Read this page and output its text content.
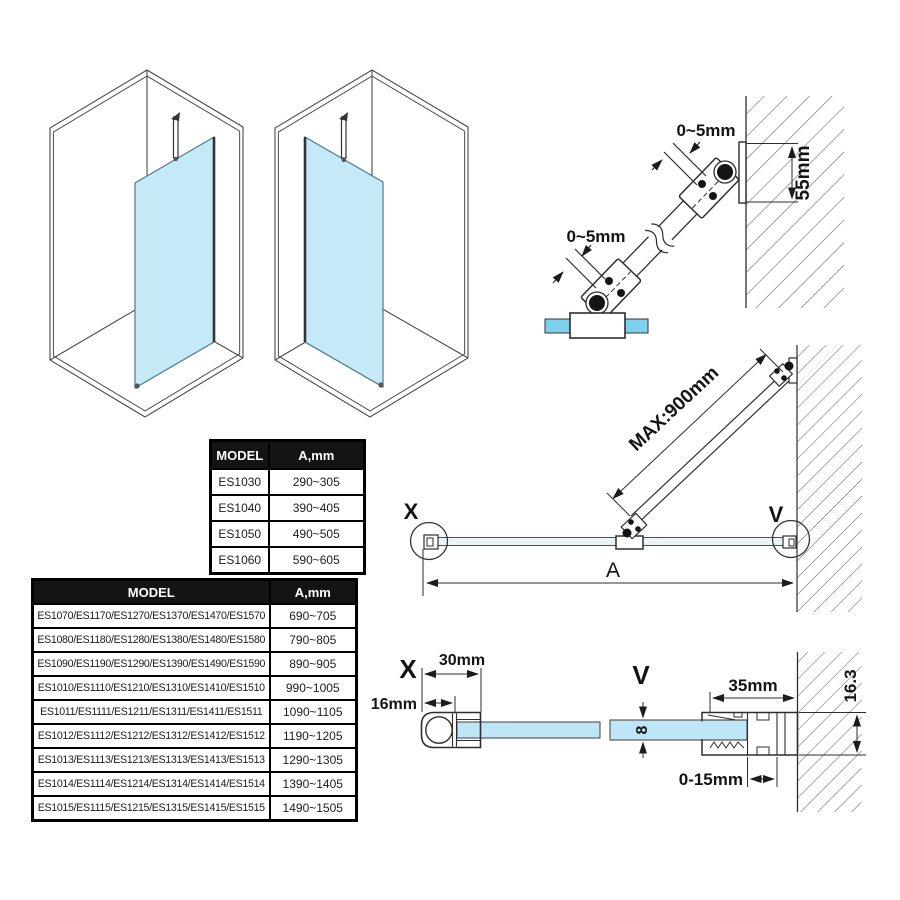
0~5mm
0~5mm
55mm
MAX:900mm
A
X	V
X 30mm
16mm
V	35mm	16.3
8
0-15mm
MODEL	A,mm
ES1030	290~305
ES1040	390~405
ES1050	490~505
ES1060	590~605
MODEL	A,mm
ES1070/ES1170/ES1270/ES1370/ES1470/ES1570	690~705
ES1080/ES1180/ES1280/ES1380/ES1480/ES1580	790~805
ES1090/ES1190/ES1290/ES1390/ES1490/ES1590	890~905
ES1010/ES1110/ES1210/ES1310/ES1410/ES1510	990~1005
ES1011/ES1111/ES1211/ES1311/ES1411/ES1511	1090~1105
ES1012/ES1112/ES1212/ES1312/ES1412/ES1512	1190~1205
ES1013/ES1113/ES1213/ES1313/ES1413/ES1513	1290~1305
ES1014/ES1114/ES1214/ES1314/ES1414/ES1514	1390~1405
ES1015/ES1115/ES1215/ES1315/ES1415/ES1515	1490~1505
